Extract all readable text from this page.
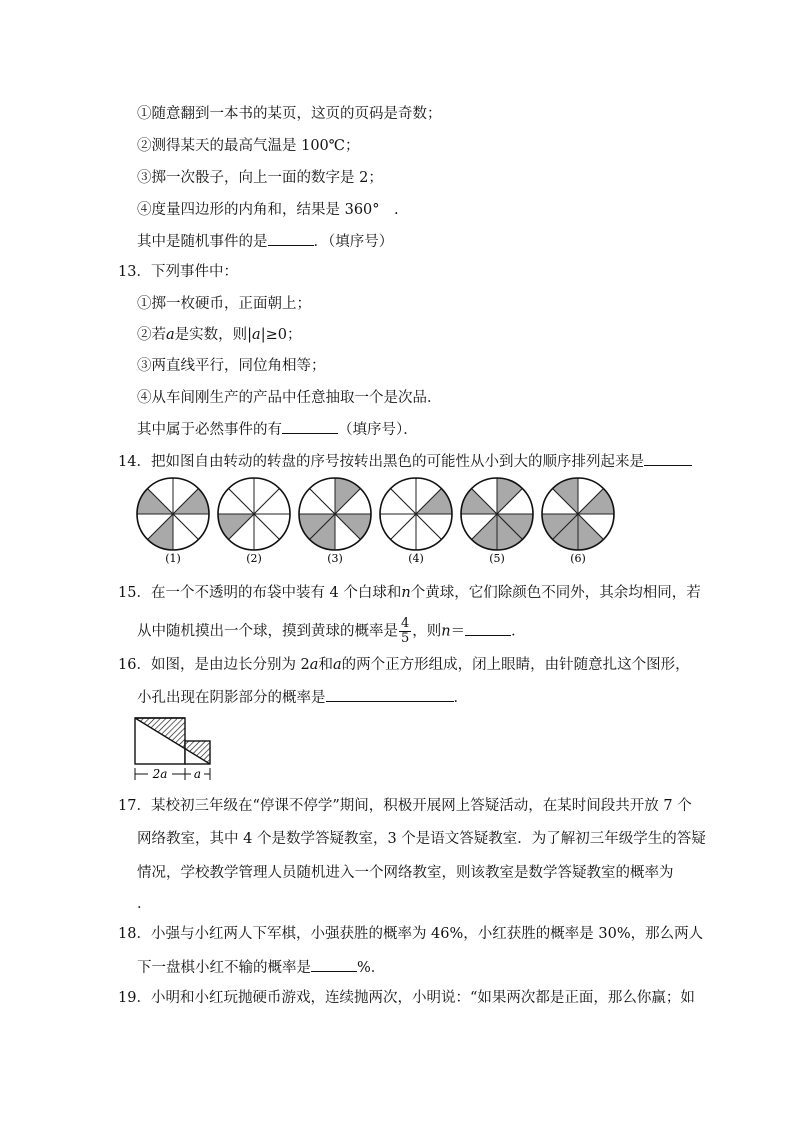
①随意翻到一本书的某页，这页的页码是奇数；
②测得某天的最高气温是 100℃；
③掷一次骰子，向上一面的数字是 2；
④度量四边形的内角和，结果是 360°　.
其中是随机事件的是	．（填序号）
13．下列事件中：
①掷一枚硬币，正面朝上；
②若a是实数，则|a|≥0；
③两直线平行，同位角相等；
④从车间刚生产的产品中任意抽取一个是次品．
其中属于必然事件的有	（填序号）．
14．把如图自由转动的转盘的序号按转出黑色的可能性从小到大的顺序排列起来是
(1)	(2)	(3)	(4)	(5)	(6)
15．在一个不透明的布袋中装有 4 个白球和n个黄球，它们除颜色不同外，其余均相同，若
从中随机摸出一个球，摸到黄球的概率是 $\frac{4}{5}$ ，则n＝	．
16．如图，是由边长分别为 2a和a的两个正方形组成，闭上眼睛，由针随意扎这个图形，
小孔出现在阴影部分的概率是	．
2a a
17．某校初三年级在“停课不停学”期间，积极开展网上答疑活动，在某时间段共开放 7 个
网络教室，其中 4 个是数学答疑教室，3 个是语文答疑教室．为了解初三年级学生的答疑
情况，学校教学管理人员随机进入一个网络教室，则该教室是数学答疑教室的概率为
．
18．小强与小红两人下军棋，小强获胜的概率为 46%，小红获胜的概率是 30%，那么两人
下一盘棋小红不输的概率是	%．
19．小明和小红玩抛硬币游戏，连续抛两次，小明说：“如果两次都是正面，那么你赢；如
